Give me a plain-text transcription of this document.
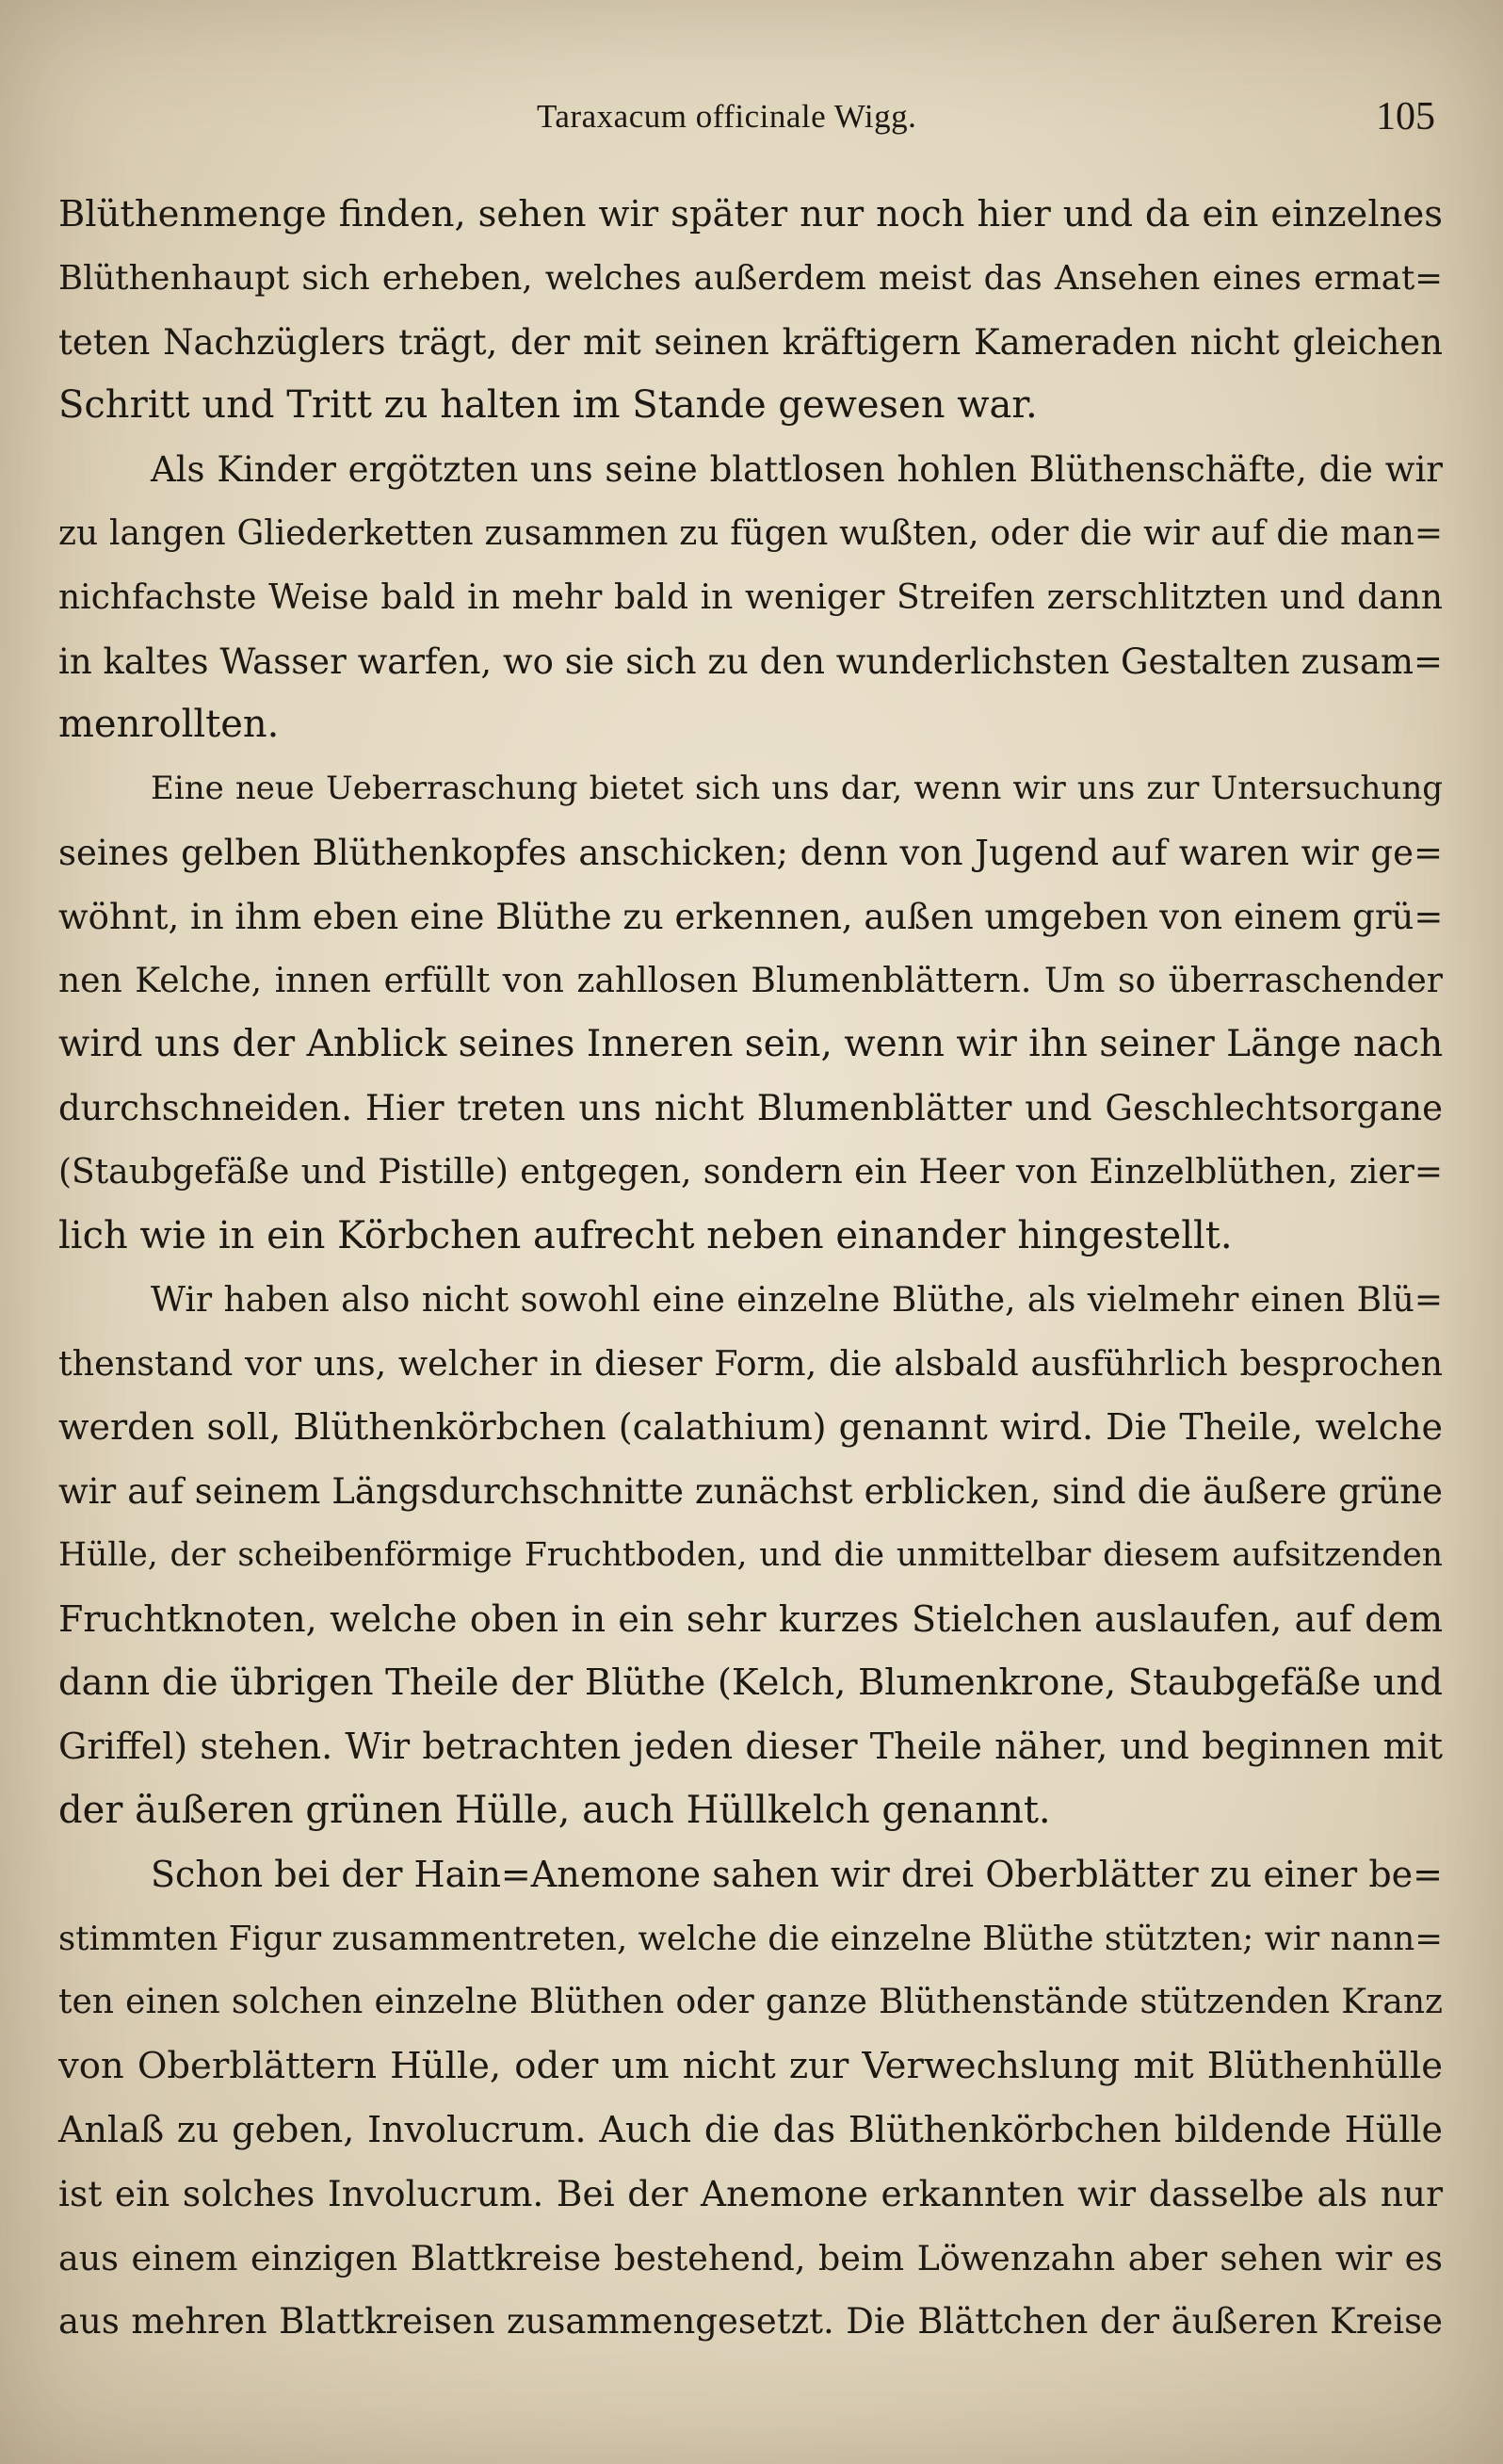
Taraxacum officinale Wigg.	105
Blüthenmenge finden, sehen wir später nur noch hier und da ein einzelnes
Blüthenhaupt sich erheben, welches außerdem meist das Ansehen eines ermat=
teten Nachzüglers trägt, der mit seinen kräftigern Kameraden nicht gleichen
Schritt und Tritt zu halten im Stande gewesen war.
Als Kinder ergötzten uns seine blattlosen hohlen Blüthenschäfte, die wir
zu langen Gliederketten zusammen zu fügen wußten, oder die wir auf die man=
nichfachste Weise bald in mehr bald in weniger Streifen zerschlitzten und dann
in kaltes Wasser warfen, wo sie sich zu den wunderlichsten Gestalten zusam=
menrollten.
Eine neue Ueberraschung bietet sich uns dar, wenn wir uns zur Untersuchung
seines gelben Blüthenkopfes anschicken; denn von Jugend auf waren wir ge=
wöhnt, in ihm eben eine Blüthe zu erkennen, außen umgeben von einem grü=
nen Kelche, innen erfüllt von zahllosen Blumenblättern. Um so überraschender
wird uns der Anblick seines Inneren sein, wenn wir ihn seiner Länge nach
durchschneiden. Hier treten uns nicht Blumenblätter und Geschlechtsorgane
(Staubgefäße und Pistille) entgegen, sondern ein Heer von Einzelblüthen, zier=
lich wie in ein Körbchen aufrecht neben einander hingestellt.
Wir haben also nicht sowohl eine einzelne Blüthe, als vielmehr einen Blü=
thenstand vor uns, welcher in dieser Form, die alsbald ausführlich besprochen
werden soll, Blüthenkörbchen (calathium) genannt wird. Die Theile, welche
wir auf seinem Längsdurchschnitte zunächst erblicken, sind die äußere grüne
Hülle, der scheibenförmige Fruchtboden, und die unmittelbar diesem aufsitzenden
Fruchtknoten, welche oben in ein sehr kurzes Stielchen auslaufen, auf dem
dann die übrigen Theile der Blüthe (Kelch, Blumenkrone, Staubgefäße und
Griffel) stehen. Wir betrachten jeden dieser Theile näher, und beginnen mit
der äußeren grünen Hülle, auch Hüllkelch genannt.
Schon bei der Hain=Anemone sahen wir drei Oberblätter zu einer be=
stimmten Figur zusammentreten, welche die einzelne Blüthe stützten; wir nann=
ten einen solchen einzelne Blüthen oder ganze Blüthenstände stützenden Kranz
von Oberblättern Hülle, oder um nicht zur Verwechslung mit Blüthenhülle
Anlaß zu geben, Involucrum. Auch die das Blüthenkörbchen bildende Hülle
ist ein solches Involucrum. Bei der Anemone erkannten wir dasselbe als nur
aus einem einzigen Blattkreise bestehend, beim Löwenzahn aber sehen wir es
aus mehren Blattkreisen zusammengesetzt. Die Blättchen der äußeren Kreise
